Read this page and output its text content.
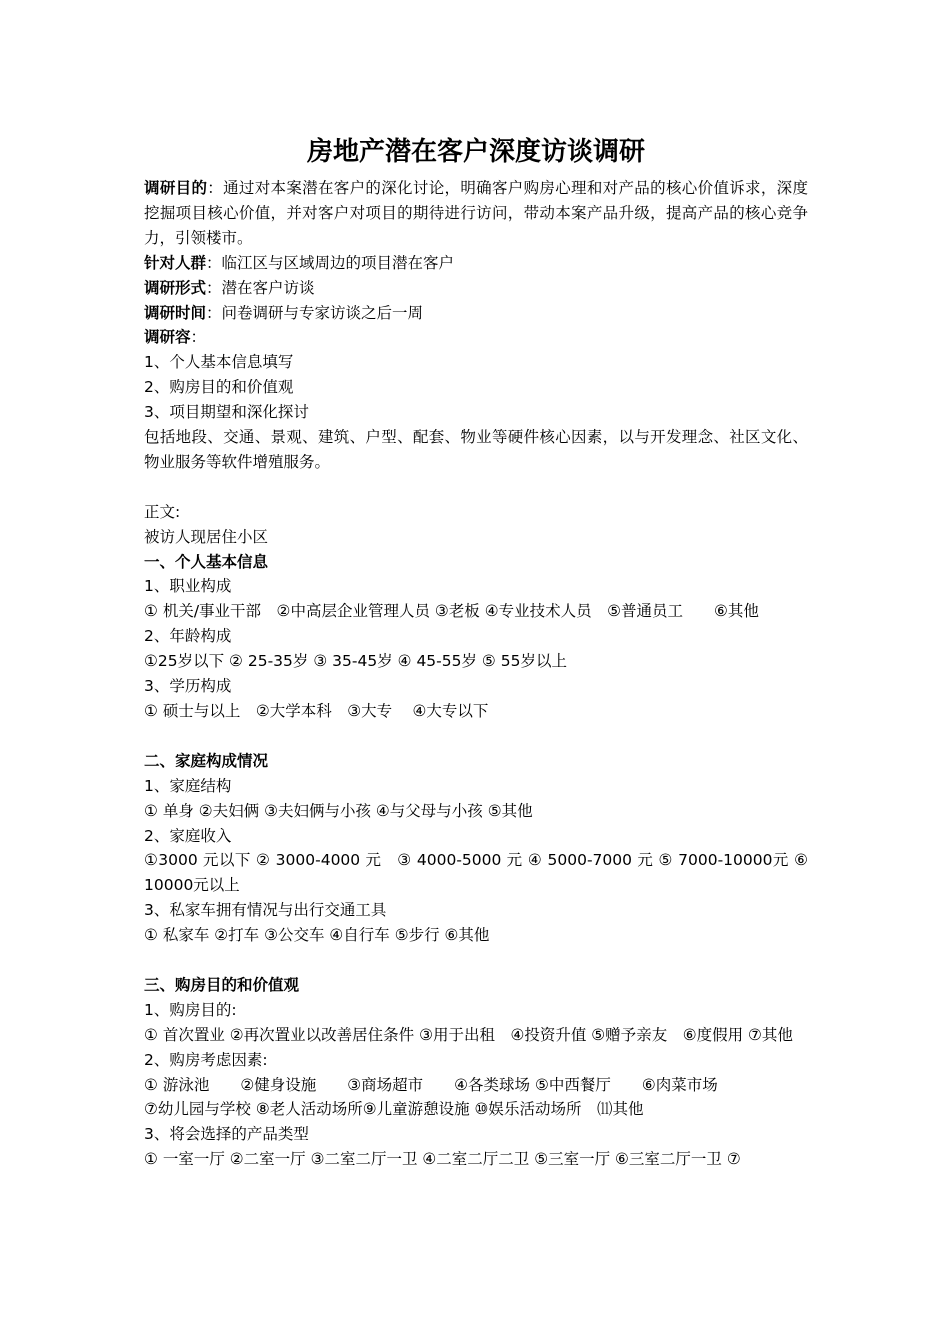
房地产潜在客户深度访谈调研
调研目的：通过对本案潜在客户的深化讨论，明确客户购房心理和对产品的核心价值诉求，深度挖掘项目核心价值，并对客户对项目的期待进行访问，带动本案产品升级，提高产品的核心竞争力，引领楼市。
针对人群：临江区与区域周边的项目潜在客户
调研形式：潜在客户访谈
调研时间：问卷调研与专家访谈之后一周
调研容：
1、个人基本信息填写
2、购房目的和价值观
3、项目期望和深化探讨
包括地段、交通、景观、建筑、户型、配套、物业等硬件核心因素，以与开发理念、社区文化、物业服务等软件增殖服务。
正文:
被访人现居住小区
一、个人基本信息
1、职业构成
① 机关/事业干部　②中高层企业管理人员 ③老板 ④专业技术人员　⑤普通员工　　⑥其他
2、年龄构成
①25岁以下 ② 25-35岁 ③ 35-45岁 ④ 45-55岁 ⑤ 55岁以上
3、学历构成
① 硕士与以上　②大学本科　③大专　 ④大专以下
二、家庭构成情况
1、家庭结构
① 单身 ②夫妇俩 ③夫妇俩与小孩 ④与父母与小孩 ⑤其他
2、家庭收入
①3000 元以下 ② 3000-4000 元　③ 4000-5000 元 ④ 5000-7000 元 ⑤ 7000-10000元 ⑥ 10000元以上
3、私家车拥有情况与出行交通工具
① 私家车 ②打车 ③公交车 ④自行车 ⑤步行 ⑥其他
三、购房目的和价值观
1、购房目的:
① 首次置业 ②再次置业以改善居住条件 ③用于出租　④投资升值 ⑤赠予亲友　⑥度假用 ⑦其他
2、购房考虑因素:
① 游泳池　　②健身设施　　③商场超市　　④各类球场 ⑤中西餐厅　　⑥肉菜市场
⑦幼儿园与学校 ⑧老人活动场所⑨儿童游憩设施 ⑩娱乐活动场所　⑾其他
3、将会选择的产品类型
① 一室一厅 ②二室一厅 ③二室二厅一卫 ④二室二厅二卫 ⑤三室一厅 ⑥三室二厅一卫 ⑦
